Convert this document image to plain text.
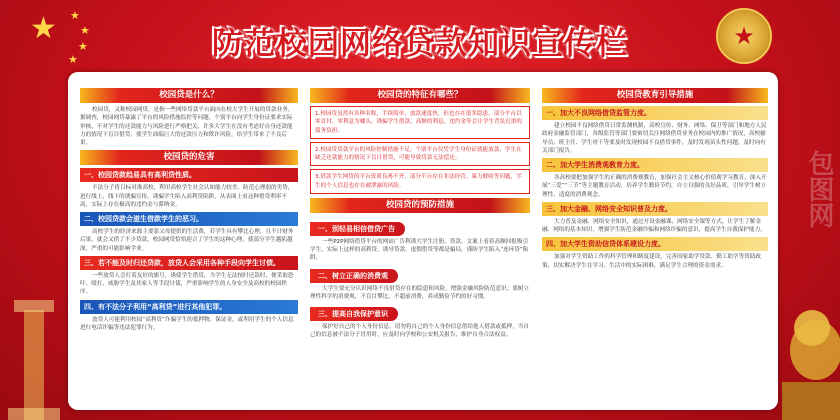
★ ★
★
★
★
★
防范校园网络贷款知识宣传栏
包图网
校园贷是什么？
校园贷，又称校园网贷，是指一些网络贷款平台面向在校大学生开展的贷款业务。据调查，校园网贷暴露了平台的风险措施监控等问题，个别平台向学生身份证要求实际审核，不对学生的还款能力与风险进行严格把关，许多大学生在没有考虑好自身还款能力的情况下盲目借贷，使学生面临巨大的还款压力和欺诈风险，给学生带来了不良后果。
校园贷的危害
一、校园贷款趋易具有高利贷性质。
不法分子将目标对准高校，利用高校学生社会认知能力较差、防范心理弱的劣势，进行线上、线下的诱骗宣传，诱骗学生陷入高利贷陷阱，从表面上看这种借贷利率不高，实际上存在极高的违约金与滞纳金。
二、校园贷款会滋生借款学生的恶习。
高校学生的经济来源主要靠父母提供的生活费，若学生具有攀比心理，且不计财务后果，就会又借了不少贷款，校园网贷恰恰迎合了学生的这种心理，使部分学生越陷越深，严重的可能影响学业。
三、若不能及时归还贷款，放贷人会采用各种手段向学生讨债。
一些放贷人会打着友好的旗号，诱使学生借贷，当学生无法按时还款时，便采取恐吓、殴打、威胁学生及其家人等手段讨债，严重影响学生的人身安全及高校的校园秩序。
四、有不法分子利用“高利贷”进行其他犯罪。
放贷人可能利用校园“高利贷”诈骗学生的抵押物、保证金，或利用学生的个人信息进行电话诈骗等违法犯罪行为。
校园贷的特征有哪些？
1.校园贷虽然有各种名称，手续简单、放款速度快，但也存在很多隐患，部分平台以零首付、零利息为噱头，诱骗学生借款，高额的利息、违约金等会让学生背负沉重的债务负担。
2.校园贷贷款平台的风险控制措施不足，个别平台仅凭学生身份证就能放款，学生在缺乏还款能力的情况下盲目借贷，可能导致贷款无法偿还。
3.借款学生网贷的平台资质良莠不齐，部分平台存在非法经营、暴力催收等问题，学生的个人信息也存在被泄露的风险。
校园贷的预防措施
一、别轻易相信借贷广告
一些P2P网络借贷平台的网站广告利诱大学生注册、贷款，文案上看着高额回报吸引学生，实际上这样的高利贷、诱导贷款、虚假借贷等都是骗局，谨防学生陷入“连环贷”陷阱。
二、树立正确的消费观
大学生要充分认识网络不良借贷存在的隐患和风险，增强金融风险防范意识；要树立理性科学的消费观，不盲目攀比、不超前消费，养成勤俭节约的好习惯。
三、提高自我保护意识
保护好自己的个人身份信息，切勿将自己的个人身份信息借给他人借款或抵押，当自己的信息被不法分子冒用时，应及时向学校和公安机关报告，维护自身合法权益。
校园贷教育引导措施
一、加大不良网络借贷监管力度。
建立校园不良网络借贷日常监测机制，高校宣传、财务、网络、保卫等部门和地方人民政府金融监管部门，各级监管等部门要密切关注网络借贷业务在校园内的推广情况，高校辅导员、班主任、学生骨干等要及时发现校园不良借贷事件，及时发现苗头性问题，及时向有关部门报告。
二、加大学生消费观教育力度。
各高校要把加强学生的正确的消费观教育，加强社会主义核心价值观学习教育，深入开展“三爱”“三节”等主题教育活动，培养学生勤俭节约，自立自强的良好品质，引导学生树立理性、适度的消费观念。
三、加大金融、网络安全知识普及力度。
大力普及金融、网络安全知识，通过开设金融课、网络安全课等方式，让学生了解金融、网络的基本知识，增强学生防范金融诈骗和网络诈骗的意识，提高学生自我保护能力。
四、加大学生资助信贷体系建设力度。
加强对学生资助工作的科学管理和制度建设，完善国家助学贷款、勤工助学等资助政策，切实解决学生在学习、生活中的实际困难，满足学生合理的资金需求。
